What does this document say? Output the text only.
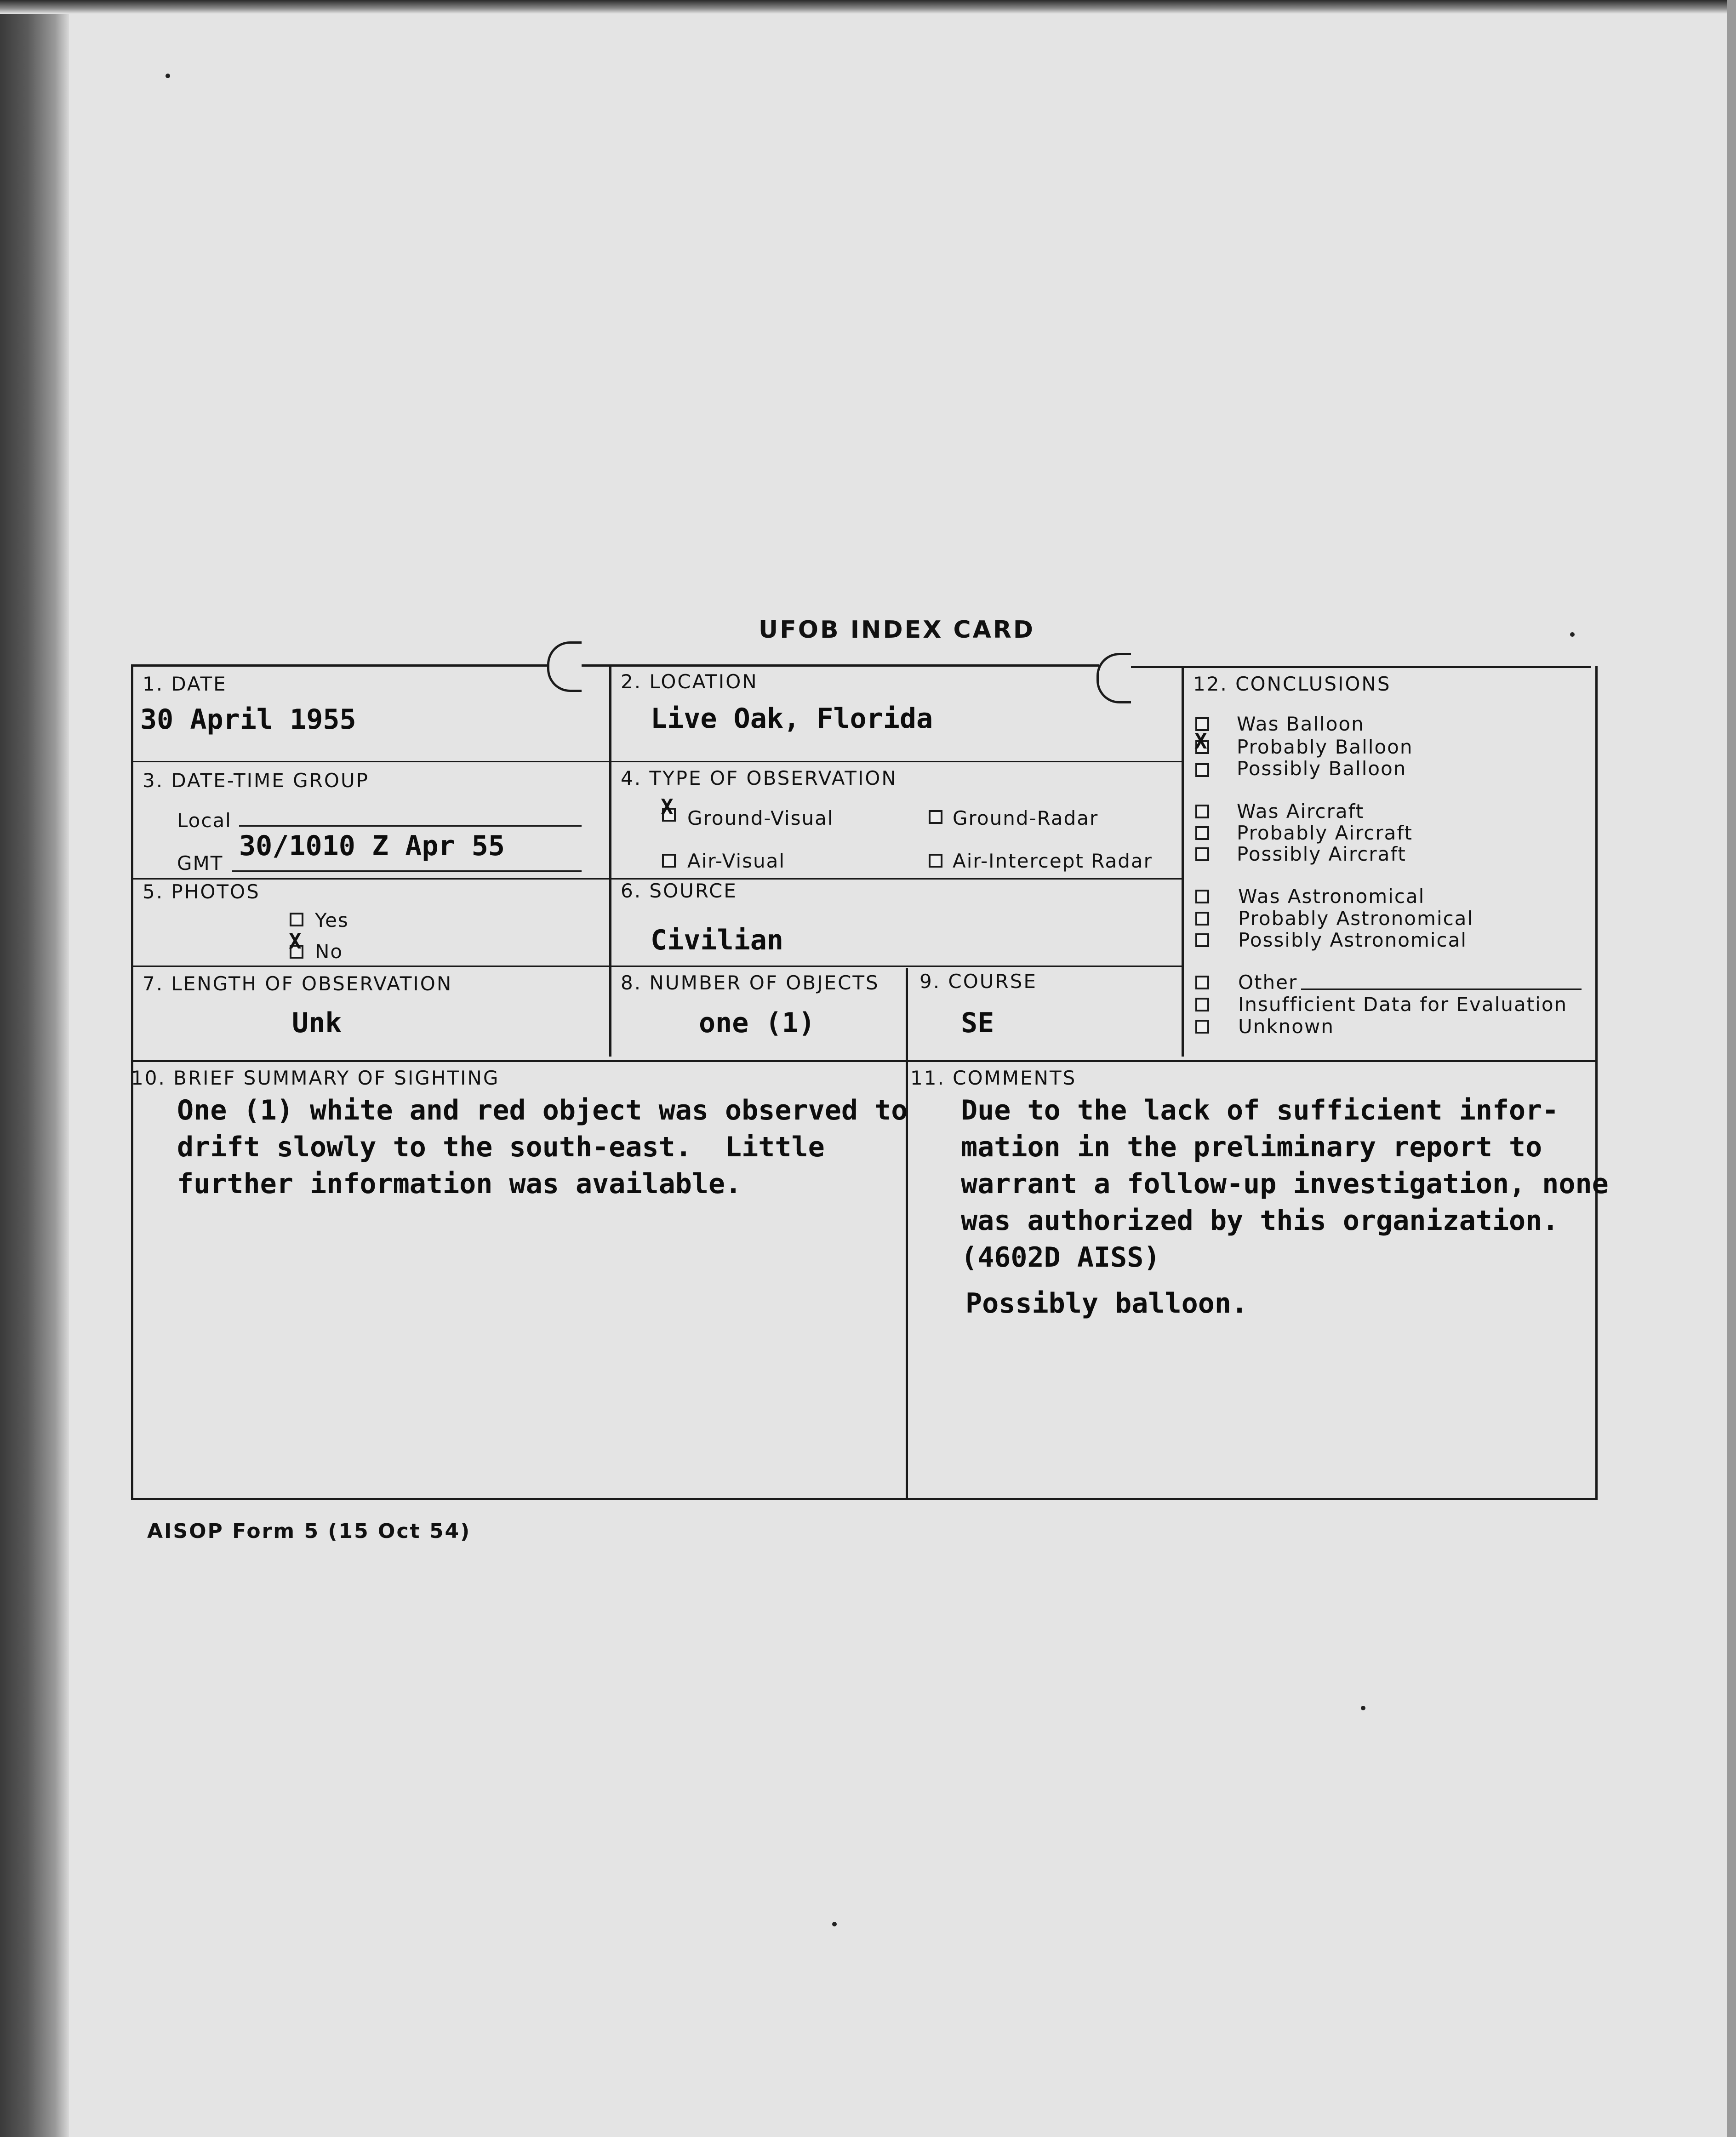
UFOB INDEX CARD
1. DATE
30 April 1955
2. LOCATION
Live Oak, Florida
3. DATE-TIME GROUP
Local
GMT
30/1010 Z Apr 55
4. TYPE OF OBSERVATION
X Ground-Visual	Ground-Radar
Air-Visual	Air-Intercept Radar
5. PHOTOS
Yes
X No
6. SOURCE
Civilian
7. LENGTH OF OBSERVATION
Unk
8. NUMBER OF OBJECTS
one (1)
9. COURSE
SE
10. BRIEF SUMMARY OF SIGHTING
One (1) white and red object was observed to
drift slowly to the south-east.  Little
further information was available.
11. COMMENTS
Due to the lack of sufficient infor-
mation in the preliminary report to
warrant a follow-up investigation, none
was authorized by this organization.
(4602D AISS)
Possibly balloon.
12. CONCLUSIONS
Was Balloon
X Probably Balloon
Possibly Balloon
Was Aircraft
Probably Aircraft
Possibly Aircraft
Was Astronomical
Probably Astronomical
Possibly Astronomical
Other
Insufficient Data for Evaluation
Unknown
AISOP Form 5 (15 Oct 54)
